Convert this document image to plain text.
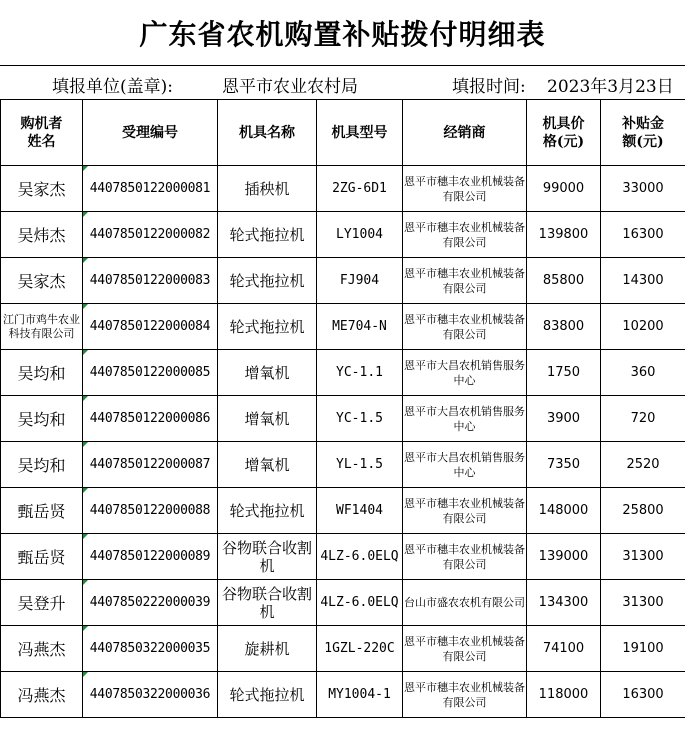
广东省农机购置补贴拨付明细表
填报单位(盖章):	恩平市农业农村局	填报时间: 2023年3月23日
购机者姓名	受理编号	机具名称	机具型号	经销商	机具价格(元)	补贴金额(元)
吴家杰	4407850122000081	插秧机	2ZG-6D1	恩平市穗丰农业机械装备有限公司	99000	33000
吴炜杰	4407850122000082	轮式拖拉机	LY1004	恩平市穗丰农业机械装备有限公司	139800	16300
吴家杰	4407850122000083	轮式拖拉机	FJ904	恩平市穗丰农业机械装备有限公司	85800	14300
江门市鸡牛农业科技有限公司	4407850122000084	轮式拖拉机	ME704-N	恩平市穗丰农业机械装备有限公司	83800	10200
吴均和	4407850122000085	增氧机	YC-1.1	恩平市大昌农机销售服务中心	1750	360
吴均和	4407850122000086	增氧机	YC-1.5	恩平市大昌农机销售服务中心	3900	720
吴均和	4407850122000087	增氧机	YL-1.5	恩平市大昌农机销售服务中心	7350	2520
甄岳贤	4407850122000088	轮式拖拉机	WF1404	恩平市穗丰农业机械装备有限公司	148000	25800
甄岳贤	4407850122000089	谷物联合收割机	4LZ-6.0ELQ	恩平市穗丰农业机械装备有限公司	139000	31300
吴登升	4407850222000039	谷物联合收割机	4LZ-6.0ELQ	台山市盛农农机有限公司	134300	31300
冯燕杰	4407850322000035	旋耕机	1GZL-220C	恩平市穗丰农业机械装备有限公司	74100	19100
冯燕杰	4407850322000036	轮式拖拉机	MY1004-1	恩平市穗丰农业机械装备有限公司	118000	16300
